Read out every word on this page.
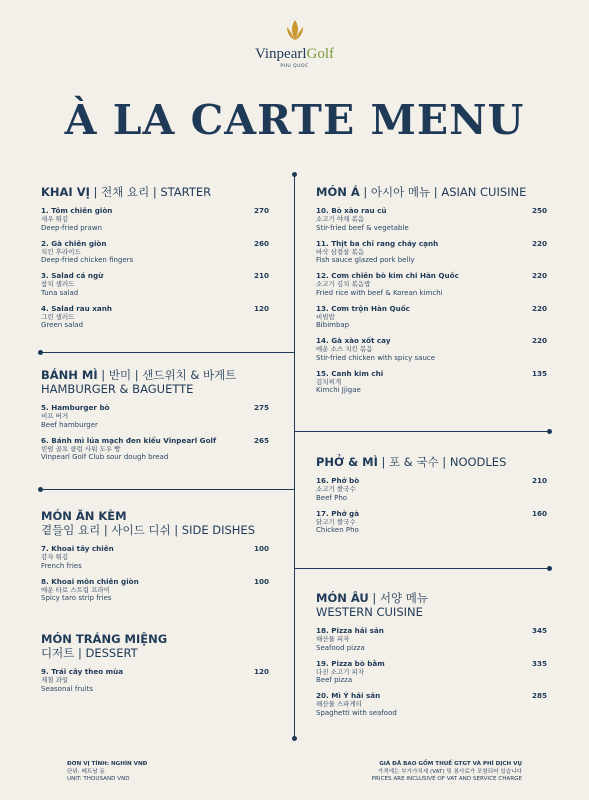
VinpearlGolf
PHU QUOC
À LA CARTE MENU
KHAI VỊ | 전채 요리 | STARTER
1. Tôm chiên giòn
새우 튀김
Deep-fried prawn
270
2. Gà chiên giòn
치킨 후라이드
Deep-fried chicken fingers
260
3. Salad cá ngừ
참치 샐러드
Tuna salad
210
4. Salad rau xanh
그린 샐러드
Green salad
120
BÁNH MÌ | 반미 | 샌드위치 & 바게트
HAMBURGER & BAGUETTE
5. Hamburger bò
비프 버거
Beef hamburger
275
6. Bánh mì lúa mạch đen kiểu Vinpearl Golf
빈펄 골프 클럽 사워 도우 빵
Vinpearl Golf Club sour dough bread
265
MÓN ĂN KÈM
곁들임 요리 | 사이드 디쉬 | SIDE DISHES
7. Khoai tây chiên
감자 튀김
French fries
100
8. Khoai môn chiên giòn
매운 타로 스트립 프라이
Spicy taro strip fries
100
MÓN TRÁNG MIỆNG
디저트 | DESSERT
9. Trái cây theo mùa
제철 과일
Seasonal fruits
120
MÓN Á | 아시아 메뉴 | ASIAN CUISINE
10. Bò xào rau củ
소고기 야채 볶음
Stir-fried beef & vegetable
250
11. Thịt ba chỉ rang cháy cạnh
바삭 삼겹살 볶음
Fish sauce glazed pork belly
220
12. Cơm chiên bò kim chi Hàn Quốc
소고기 김치 볶음밥
Fried rice with beef & Korean kimchi
220
13. Cơm trộn Hàn Quốc
비빔밥
Bibimbap
220
14. Gà xào xốt cay
매운 소스 치킨 볶음
Stir-fried chicken with spicy sauce
220
15. Canh kim chi
김치찌개
Kimchi Jjigae
135
PHỞ & MÌ | 포 & 국수 | NOODLES
16. Phở bò
소고기 쌀국수
Beef Pho
210
17. Phở gà
닭고기 쌀국수
Chicken Pho
160
MÓN ÂU | 서양 메뉴
WESTERN CUISINE
18. Pizza hải sản
해산물 피자
Seafood pizza
345
19. Pizza bò bằm
다진 소고기 피자
Beef pizza
335
20. Mì Ý hải sản
해산물 스파게티
Spaghetti with seafood
285
ĐƠN VỊ TÍNH: NGHÌN VNĐ
단위: 베트남 동
UNIT: THOUSAND VND
GIÁ ĐÃ BAO GỒM THUẾ GTGT VÀ PHÍ DỊCH VỤ
가격에는 부가가치세 (VAT) 및 봉사료가 포함되어 있습니다
PRICES ARE INCLUSIVE OF VAT AND SERVICE CHARGE
